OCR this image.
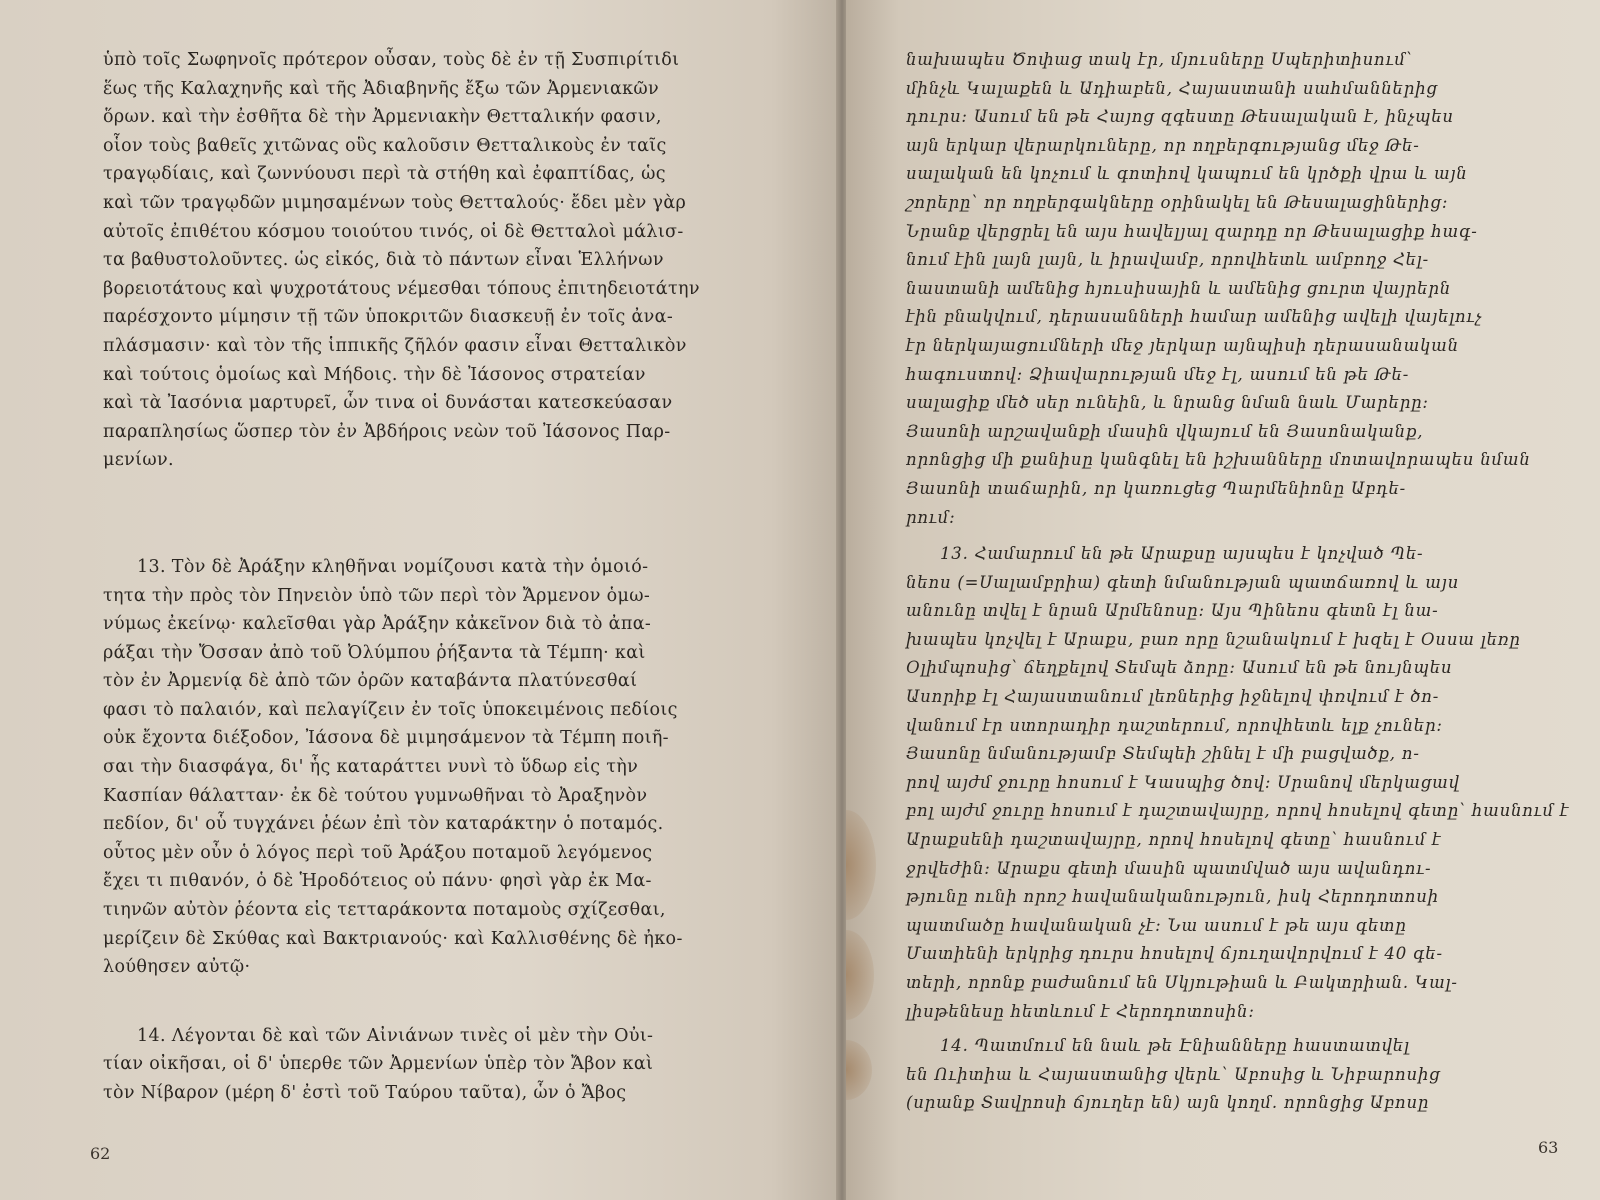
ὑπὸ τοῖς Σωφηνοῖς πρότερον οὖσαν, τοὺς δὲ ἐν τῇ Συσπιρίτιδι

ἕως τῆς Καλαχηνῆς καὶ τῆς Ἀδιαβηνῆς ἔξω τῶν Ἀρμενιακῶν

ὅρων. καὶ τὴν ἐσθῆτα δὲ τὴν Ἀρμενιακὴν Θετταλικήν φασιν,

οἷον τοὺς βαθεῖς χιτῶνας οὓς καλοῦσιν Θετταλικοὺς ἐν ταῖς

τραγῳδίαις, καὶ ζωννύουσι περὶ τὰ στήθη καὶ ἐφαπτίδας, ὡς

καὶ τῶν τραγῳδῶν μιμησαμένων τοὺς Θετταλούς· ἔδει μὲν γὰρ

αὐτοῖς ἐπιθέτου κόσμου τοιούτου τινός, οἱ δὲ Θετταλοὶ μάλισ-

τα βαθυστολοῦντες. ὡς εἰκός, διὰ τὸ πάντων εἶναι Ἑλλήνων

βορειοτάτους καὶ ψυχροτάτους νέμεσθαι τόπους ἐπιτηδειοτάτην

παρέσχοντο μίμησιν τῇ τῶν ὑποκριτῶν διασκευῇ ἐν τοῖς ἀνα-

πλάσμασιν· καὶ τὸν τῆς ἱππικῆς ζῆλόν φασιν εἶναι Θετταλικὸν

καὶ τούτοις ὁμοίως καὶ Μήδοις. τὴν δὲ Ἰάσονος στρατείαν

καὶ τὰ Ἰασόνια μαρτυρεῖ, ὧν τινα οἱ δυνάσται κατεσκεύασαν

παραπλησίως ὥσπερ τὸν ἐν Ἀβδήροις νεὼν τοῦ Ἰάσονος Παρ-

μενίων.

13. Τὸν δὲ Ἀράξην κληθῆναι νομίζουσι κατὰ τὴν ὁμοιό-

τητα τὴν πρὸς τὸν Πηνειὸν ὑπὸ τῶν περὶ τὸν Ἄρμενον ὁμω-

νύμως ἐκείνῳ· καλεῖσθαι γὰρ Ἀράξην κἀκεῖνον διὰ τὸ ἀπα-

ράξαι τὴν Ὄσσαν ἀπὸ τοῦ Ὀλύμπου ῥήξαντα τὰ Τέμπη· καὶ

τὸν ἐν Ἀρμενίᾳ δὲ ἀπὸ τῶν ὀρῶν καταβάντα πλατύνεσθαί

φασι τὸ παλαιόν, καὶ πελαγίζειν ἐν τοῖς ὑποκειμένοις πεδίοις

οὐκ ἔχοντα διέξοδον, Ἰάσονα δὲ μιμησάμενον τὰ Τέμπη ποιῆ-

σαι τὴν διασφάγα, δι' ἧς καταράττει νυνὶ τὸ ὕδωρ εἰς τὴν

Κασπίαν θάλατταν· ἐκ δὲ τούτου γυμνωθῆναι τὸ Ἀραξηνὸν

πεδίον, δι' οὗ τυγχάνει ῥέων ἐπὶ τὸν καταράκτην ὁ ποταμός.

οὗτος μὲν οὖν ὁ λόγος περὶ τοῦ Ἀράξου ποταμοῦ λεγόμενος

ἔχει τι πιθανόν, ὁ δὲ Ἡροδότειος οὐ πάνυ· φησὶ γὰρ ἐκ Μα-

τιηνῶν αὐτὸν ῥέοντα εἰς τετταράκοντα ποταμοὺς σχίζεσθαι,

μερίζειν δὲ Σκύθας καὶ Βακτριανούς· καὶ Καλλισθένης δὲ ἠκο-

λούθησεν αὐτῷ·

14. Λέγονται δὲ καὶ τῶν Αἰνιάνων τινὲς οἱ μὲν τὴν Οὐι-

τίαν οἰκῆσαι, οἱ δ' ὑπερθε τῶν Ἀρμενίων ὑπὲρ τὸν Ἄβον καὶ

τὸν Νίβαρον (μέρη δ' ἐστὶ τοῦ Ταύρου ταῦτα), ὧν ὁ Ἄβος

62

նախապես Ծոփաց տակ էր, մյուսները Սպերիտիսում՝

մինչև Կալաքեն և Ադիաբեն, Հայաստանի սահմաններից

դուրս: Ասում են թե Հայոց զգեստը Թեսալական է, ինչպես

այն երկար վերարկուները, որ ողբերգությանց մեջ Թե-

սալական են կոչում և գոտիով կապում են կրծքի վրա և այն

շորերը՝ որ ողբերգակները օրինակել են Թեսալացիներից:

Նրանք վերցրել են այս հավելյալ զարդը որ Թեսալացիք հագ-

նում էին լայն լայն, և իրավամբ, որովհետև ամբողջ Հել-

նաստանի ամենից հյուսիսային և ամենից ցուրտ վայրերն

էին բնակվում, դերասանների համար ամենից ավելի վայելուչ

էր ներկայացումների մեջ յերկար այնպիսի դերասանական

հագուստով: Ձիավարության մեջ էլ, ասում են թե Թե-

սալացիք մեծ սեր ունեին, և նրանց նման նաև Մարերը:

Յասոնի արշավանքի մասին վկայում են Յասոնականք,

որոնցից մի քանիսը կանգնել են իշխանները մոտավորապես նման

Յասոնի տաճարին, որ կառուցեց Պարմենիոնը Աբդե-

րում:

13. Համարում են թե Արաքսը այսպես է կոչված Պե-

նեոս (=Սալամբրիա) գետի նմանության պատճառով և այս

անունը տվել է նրան Արմենոսը: Այս Պինեոս գետն էլ նա-

խապես կոչվել է Արաքս, բառ որը նշանակում է խզել է Օսսա լեռը

Օլիմպոսից՝ ճեղքելով Տեմպե ձորը: Ասում են թե նույնպես

Ասորիք էլ Հայաստանում լեռներից իջնելով փռվում է ծո-

վանում էր ստորադիր դաշտերում, որովհետև ելք չուներ:

Յասոնը նմանությամբ Տեմպեի շինել է մի բացվածք, ո-

րով այժմ ջուրը հոսում է Կասպից ծով: Սրանով մերկացավ

բոլ այժմ ջուրը հոսում է դաշտավայրը, որով հոսելով գետը՝ հասնում է

Արաքսենի դաշտավայրը, որով հոսելով գետը՝ հասնում է

ջրվեժին: Արաքս գետի մասին պատմված այս ավանդու-

թյունը ունի որոշ հավանականություն, իսկ Հերոդոտոսի

պատմածը հավանական չէ: Նա ասում է թե այս գետը

Մատիենի երկրից դուրս հոսելով ճյուղավորվում է 40 գե-

տերի, որոնք բաժանում են Սկյութիան և Բակտրիան. Կալ-

լիսթենեսը հետևում է Հերոդոտոսին:

14. Պատմում են նաև թե Էնիանները հաստատվել

են Ուիտիա և Հայաստանից վերև՝ Աբոսից և Նիբարոսից

(սրանք Տավրոսի ճյուղեր են) այն կողմ. որոնցից Աբոսը

63
